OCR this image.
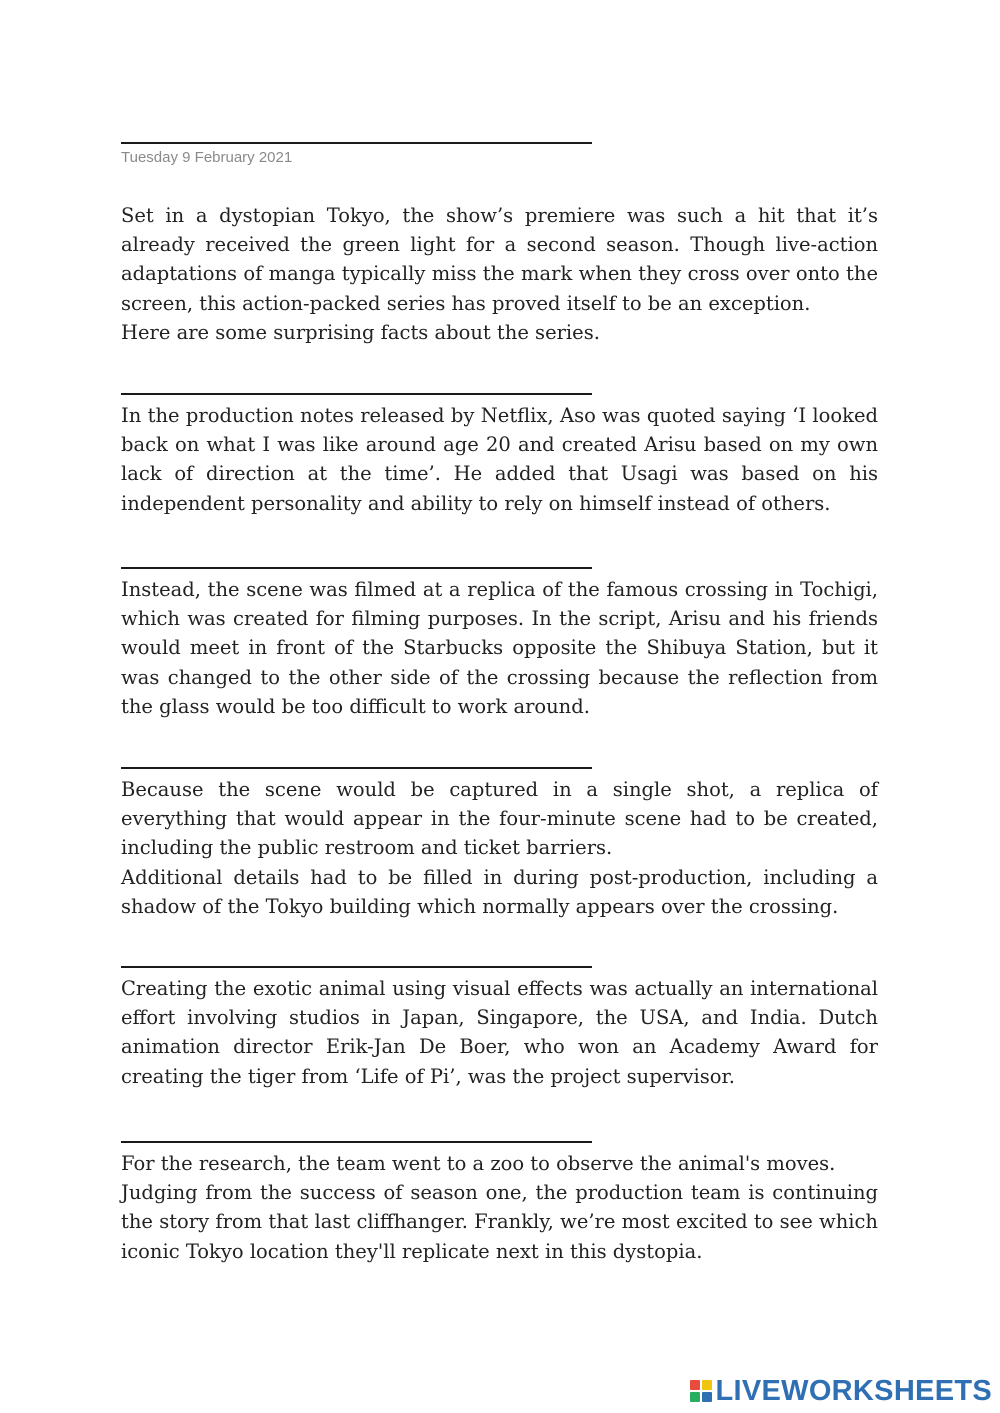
Tuesday 9 February 2021

Set in a dystopian Tokyo, the show’s premiere was such a hit that it’s already received the green light for a second season. Though live-action adaptations of manga typically miss the mark when they cross over onto the screen, this action-packed series has proved itself to be an exception.

Here are some surprising facts about the series.

In the production notes released by Netflix, Aso was quoted saying ‘I looked back on what I was like around age 20 and created Arisu based on my own lack of direction at the time’. He added that Usagi was based on his independent personality and ability to rely on himself instead of others.

Instead, the scene was filmed at a replica of the famous crossing in Tochigi, which was created for filming purposes. In the script, Arisu and his friends would meet in front of the Starbucks opposite the Shibuya Station, but it was changed to the other side of the crossing because the reflection from the glass would be too difficult to work around.

Because the scene would be captured in a single shot, a replica of everything that would appear in the four-minute scene had to be created, including the public restroom and ticket barriers.

Additional details had to be filled in during post-production, including a shadow of the Tokyo building which normally appears over the crossing.

Creating the exotic animal using visual effects was actually an international effort involving studios in Japan, Singapore, the USA, and India. Dutch animation director Erik-Jan De Boer, who won an Academy Award for creating the tiger from ‘Life of Pi’, was the project supervisor.

For the research, the team went to a zoo to observe the animal's moves.

Judging from the success of season one, the production team is continuing the story from that last cliffhanger. Frankly, we’re most excited to see which iconic Tokyo location they'll replicate next in this dystopia.

LIVEWORKSHEETS
